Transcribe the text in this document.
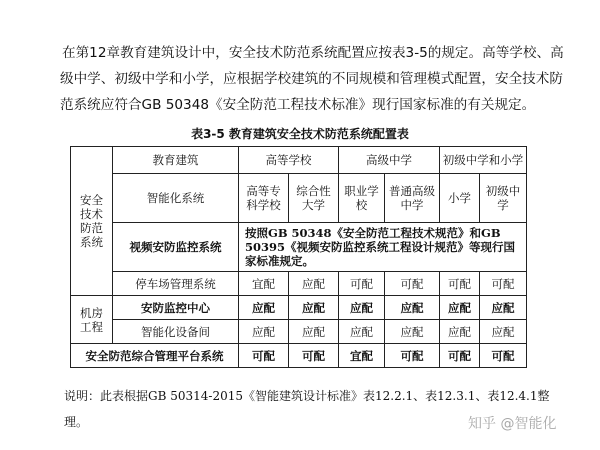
在第12章教育建筑设计中，安全技术防范系统配置应按表3-5的规定。高等学校、高级中学、初级中学和小学，应根据学校建筑的不同规模和管理模式配置，安全技术防范系统应符合GB 50348《安全防范工程技术标准》现行国家标准的有关规定。
表3-5 教育建筑安全技术防范系统配置表
安全技术防范系统	教育建筑	高等学校		高级中学		初级中学和小学	
	智能化系统	高等专科学校	综合性大学	职业学校	普通高级中学	小学	初级中学
	视频安防监控系统	按照GB 50348《安全防范工程技术规范》和GB 50395《视频安防监控系统工程设计规范》等现行国家标准规定。					
	停车场管理系统	宜配	应配	可配	可配	可配	可配
机房工程	安防监控中心	应配	应配	应配	应配	应配	应配
	智能化设备间	应配	应配	应配	应配	应配	应配
安全防范综合管理平台系统		可配	可配	宜配	可配	可配	可配
说明：此表根据GB 50314-2015《智能建筑设计标准》表12.2.1、表12.3.1、表12.4.1整理。	知乎 @智能化
